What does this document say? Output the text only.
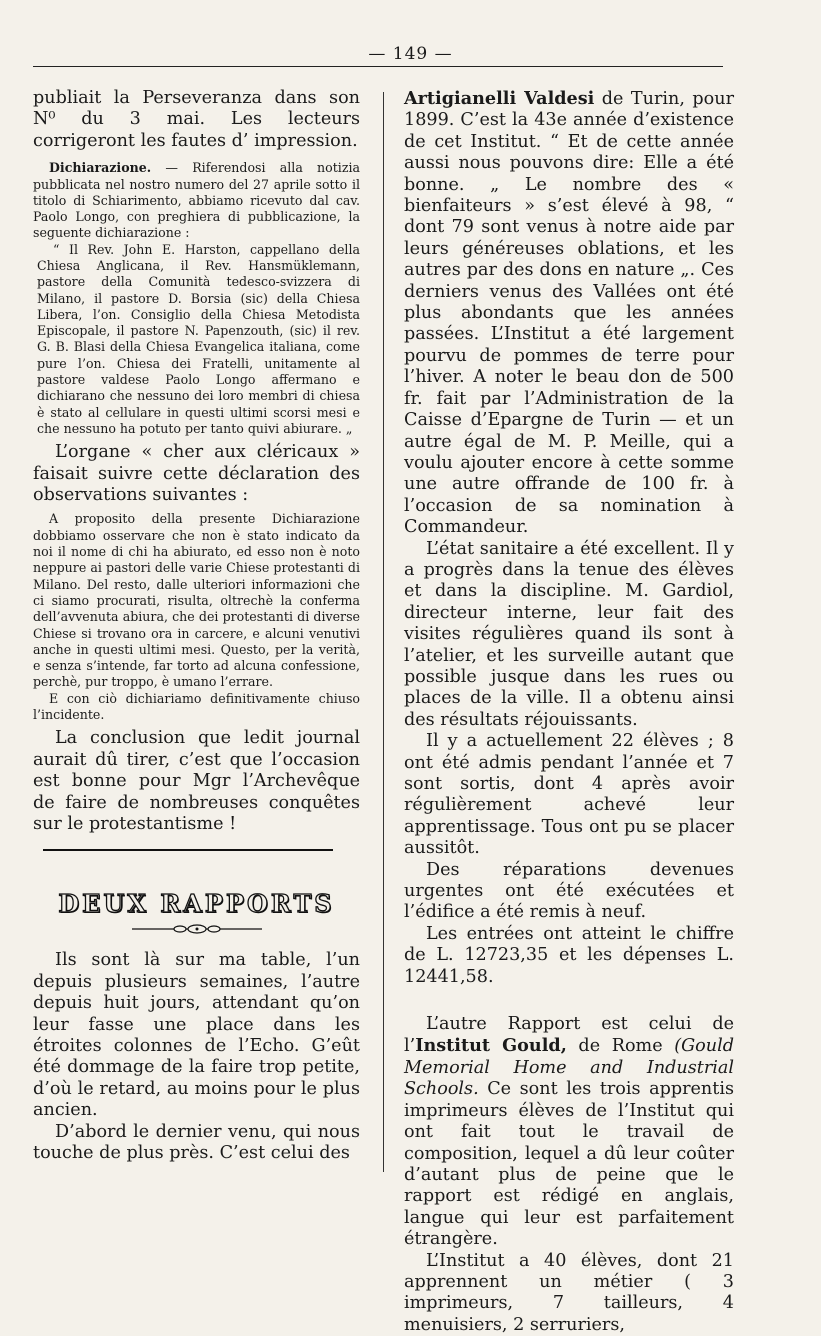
— 149 —

publiait la Perseveranza dans son N⁰ du 3 mai. Les lecteurs corrigeront les fautes d’ impression.

Dichiarazione. — Riferendosi alla notizia pubblicata nel nostro numero del 27 aprile sotto il titolo di Schiarimento, abbiamo ricevuto dal cav. Paolo Longo, con preghiera di pubblicazione, la seguente dichiarazione :

“ Il Rev. John E. Harston, cappellano della Chiesa Anglicana, il Rev. Hansmüklemann, pastore della Comunità tedesco-svizzera di Milano, il pastore D. Borsia (sic) della Chiesa Libera, l’on. Consiglio della Chiesa Metodista Episcopale, il pastore N. Papenzouth, (sic) il rev. G. B. Blasi della Chiesa Evangelica italiana, come pure l’on. Chiesa dei Fratelli, unitamente al pastore valdese Paolo Longo affermano e dichiarano che nessuno dei loro membri di chiesa è stato al cellulare in questi ultimi scorsi mesi e che nessuno ha potuto per tanto quivi abiurare. „

L’organe « cher aux cléricaux » faisait suivre cette déclaration des observations suivantes :

A proposito della presente Dichiarazione dobbiamo osservare che non è stato indicato da noi il nome di chi ha abiurato, ed esso non è noto neppure ai pastori delle varie Chiese protestanti di Milano. Del resto, dalle ulteriori informazioni che ci siamo procurati, risulta, oltrechè la conferma dell’avvenuta abiura, che dei protestanti di diverse Chiese si trovano ora in carcere, e alcuni venutivi anche in questi ultimi mesi. Questo, per la verità, e senza s’intende, far torto ad alcuna confessione, perchè, pur troppo, è umano l’errare.

E con ciò dichiariamo definitivamente chiuso l’incidente.

La conclusion que ledit journal aurait dû tirer, c’est que l’occasion est bonne pour Mgr l’Archevêque de faire de nombreuses conquêtes sur le protestantisme !

DEUX RAPPORTS

Ils sont là sur ma table, l’un depuis plusieurs semaines, l’autre depuis huit jours, attendant qu’on leur fasse une place dans les étroites colonnes de l’Echo. G’eût été dommage de la faire trop petite, d’où le retard, au moins pour le plus ancien.

D’abord le dernier venu, qui nous touche de plus près. C’est celui des

Artigianelli Valdesi de Turin, pour 1899. C’est la 43e année d’existence de cet Institut. “ Et de cette année aussi nous pouvons dire: Elle a été bonne. „ Le nombre des « bienfaiteurs » s’est élevé à 98, “ dont 79 sont venus à notre aide par leurs généreuses oblations, et les autres par des dons en nature „. Ces derniers venus des Vallées ont été plus abondants que les années passées. L’Institut a été largement pourvu de pommes de terre pour l’hiver. A noter le beau don de 500 fr. fait par l’Administration de la Caisse d’Epargne de Turin — et un autre égal de M. P. Meille, qui a voulu ajouter encore à cette somme une autre offrande de 100 fr. à l’occasion de sa nomination à Commandeur.

L’état sanitaire a été excellent. Il y a progrès dans la tenue des élèves et dans la discipline. M. Gardiol, directeur interne, leur fait des visites régulières quand ils sont à l’atelier, et les surveille autant que possible jusque dans les rues ou places de la ville. Il a obtenu ainsi des résultats réjouissants.

Il y a actuellement 22 élèves ; 8 ont été admis pendant l’année et 7 sont sortis, dont 4 après avoir régulièrement achevé leur apprentissage. Tous ont pu se placer aussitôt.

Des réparations devenues urgentes ont été exécutées et l’édifice a été remis à neuf.

Les entrées ont atteint le chiffre de L. 12723,35 et les dépenses L. 12441,58.

L’autre Rapport est celui de l’Institut Gould, de Rome (Gould Memorial Home and Industrial Schools. Ce sont les trois apprentis imprimeurs élèves de l’Institut qui ont fait tout le travail de composition, lequel a dû leur coûter d’autant plus de peine que le rapport est rédigé en anglais, langue qui leur est parfaitement étrangère.

L’Institut a 40 élèves, dont 21 apprennent un métier ( 3 imprimeurs, 7 tailleurs, 4 menuisiers, 2 serruriers,
